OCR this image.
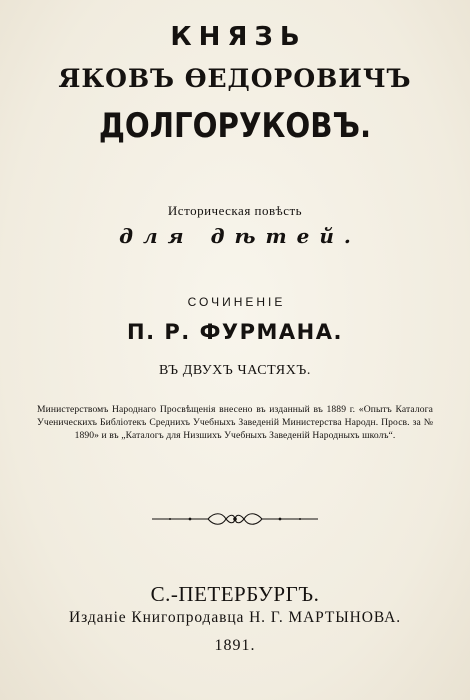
КНЯЗЬ
ЯКОВЪ ѲЕДОРОВИЧЪ
ДОЛГОРУКОВЪ.
Историческая повѣсть
для дѣтей.
СОЧИНЕНІЕ
П. Р. ФУРМАНА.
ВЪ ДВУХЪ ЧАСТЯХЪ.
Министерствомъ Народнаго Просвѣщенія внесено въ изданный въ 1889 г. «Опытъ Каталога Ученическихъ Библіотекъ Среднихъ Учебныхъ Заведеній Министерства Народн. Просв. за № 1890» и въ „Каталогъ для Низшихъ Учебныхъ Заведеній Народныхъ школъ“.
С.-ПЕТЕРБУРГЪ.
Изданіе Книгопродавца Н. Г. МАРТЫНОВА.
1891.
